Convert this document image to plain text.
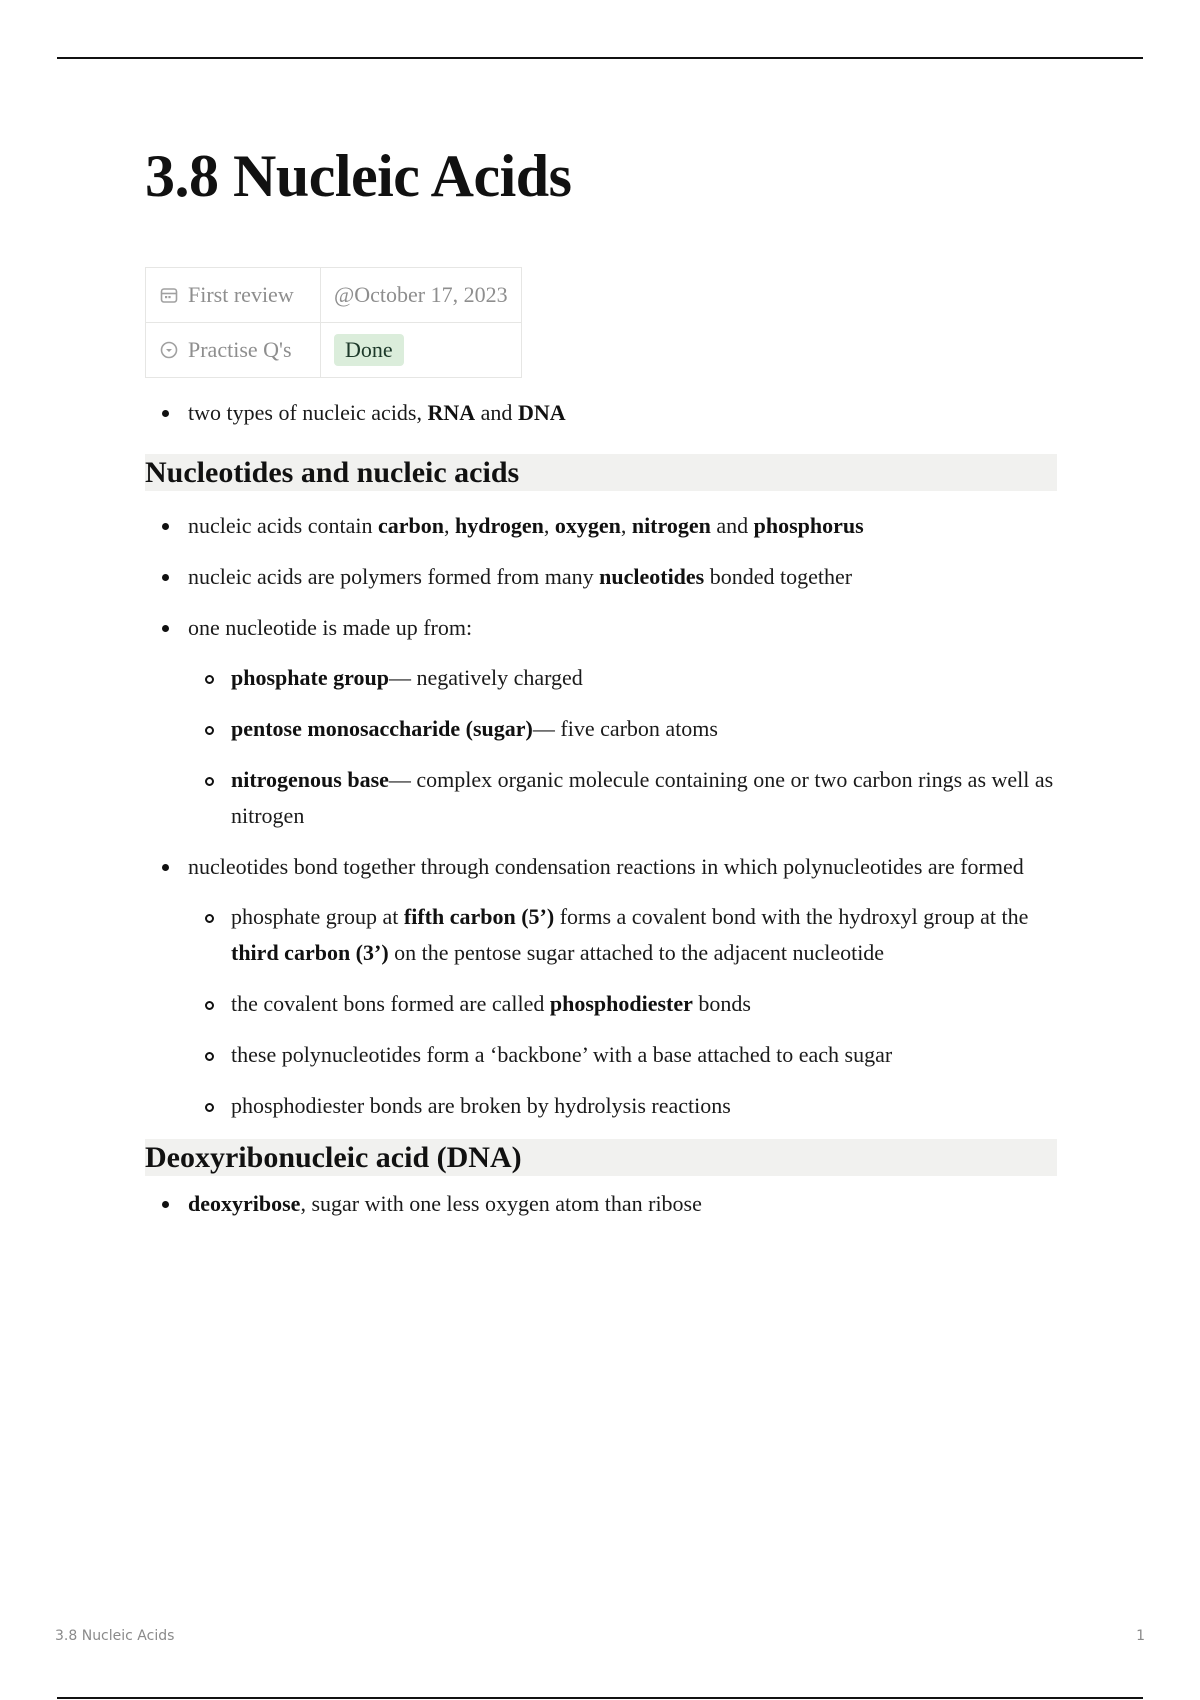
3.8 Nucleic Acids
First review	@October 17, 2023
Practise Q's	Done
two types of nucleic acids, RNA and DNA
Nucleotides and nucleic acids
nucleic acids contain carbon, hydrogen, oxygen, nitrogen and phosphorus
nucleic acids are polymers formed from many nucleotides bonded together
one nucleotide is made up from:
phosphate group— negatively charged
pentose monosaccharide (sugar)— five carbon atoms
nitrogenous base— complex organic molecule containing one or two carbon rings as well as nitrogen
nucleotides bond together through condensation reactions in which polynucleotides are formed
phosphate group at fifth carbon (5’) forms a covalent bond with the hydroxyl group at the third carbon (3’) on the pentose sugar attached to the adjacent nucleotide
the covalent bons formed are called phosphodiester bonds
these polynucleotides form a ‘backbone’ with a base attached to each sugar
phosphodiester bonds are broken by hydrolysis reactions
Deoxyribonucleic acid (DNA)
deoxyribose, sugar with one less oxygen atom than ribose
3.8 Nucleic Acids	1
